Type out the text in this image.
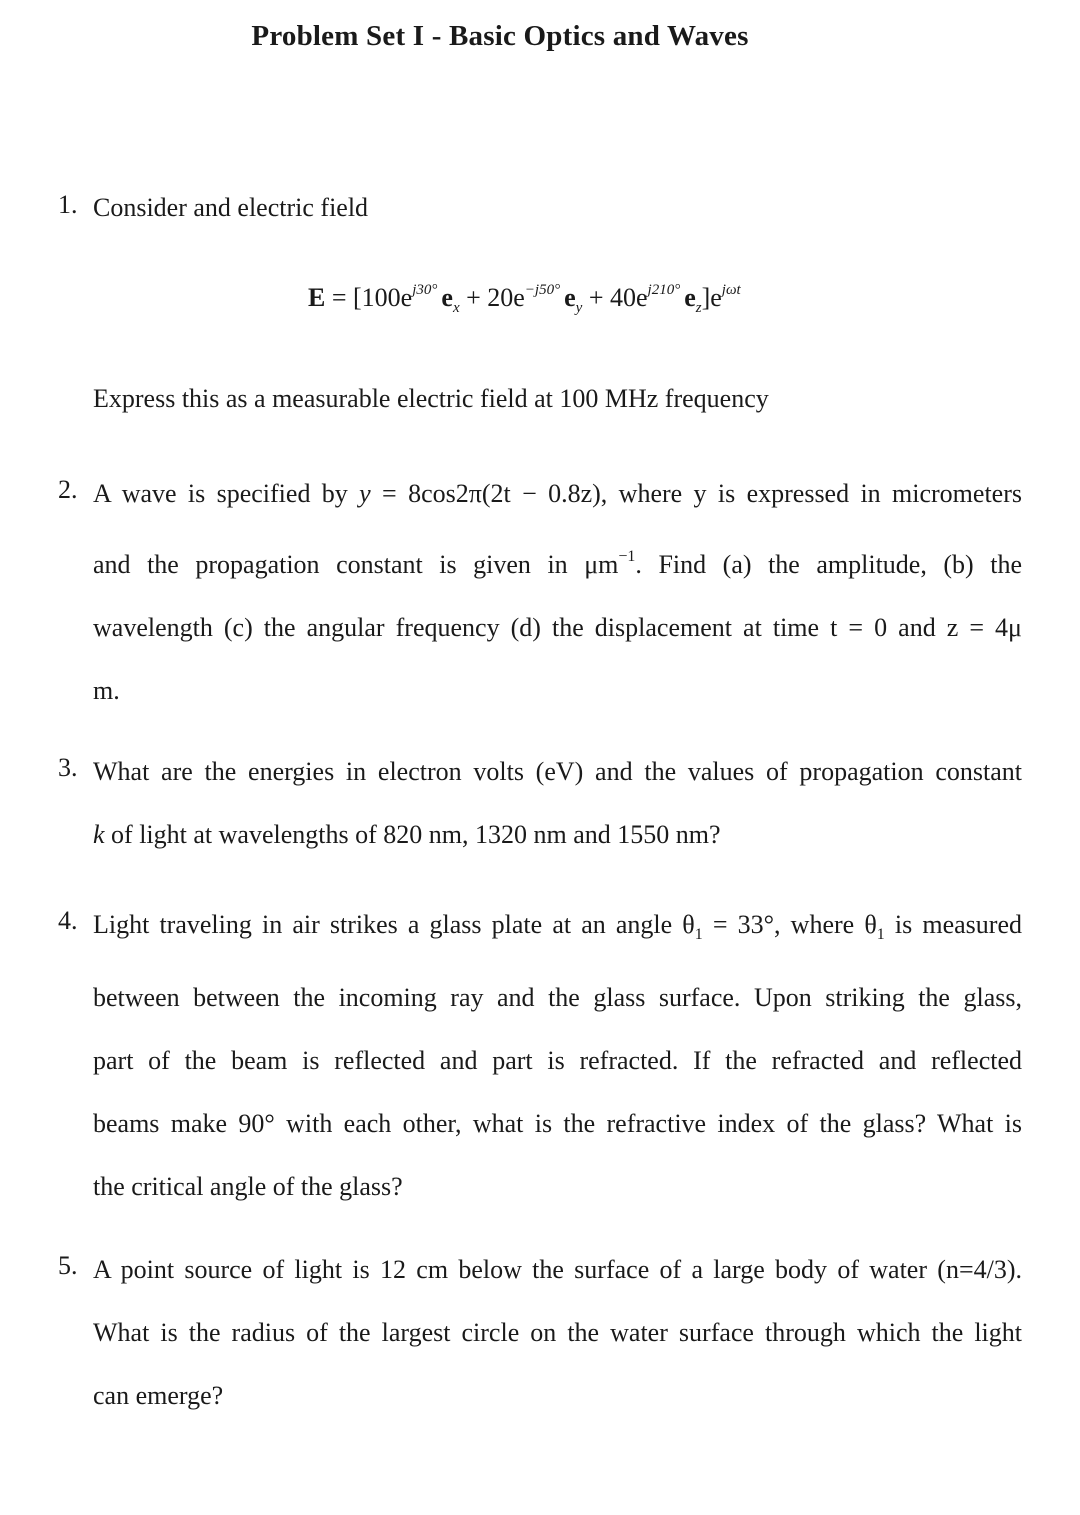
Problem Set I - Basic Optics and Waves
1. Consider and electric field
$E = [100e^{j30^\circ}$ $e_x + 20e^{-j50^\circ}$ $e_y + 40e^{j210^\circ}$ $e_z]e^{j\omega t}$
Express this as a measurable electric field at 100 MHz frequency
2. A wave is specified by y = 8cos2π(2t − 0.8z), where y is expressed in micrometers
and the propagation constant is given in $\mu m^{-1}$. Find (a) the amplitude, (b) the
wavelength (c) the angular frequency (d) the displacement at time t = 0 and z = 4μ
m.
3. What are the energies in electron volts (eV) and the values of propagation constant
k of light at wavelengths of 820 nm, 1320 nm and 1550 nm?
4. Light traveling in air strikes a glass plate at an angle $\theta_1 = 33^\circ$, where $\theta_1$ is measured
between between the incoming ray and the glass surface. Upon striking the glass,
part of the beam is reflected and part is refracted. If the refracted and reflected
beams make 90° with each other, what is the refractive index of the glass? What is
the critical angle of the glass?
5. A point source of light is 12 cm below the surface of a large body of water (n=4/3).
What is the radius of the largest circle on the water surface through which the light
can emerge?
